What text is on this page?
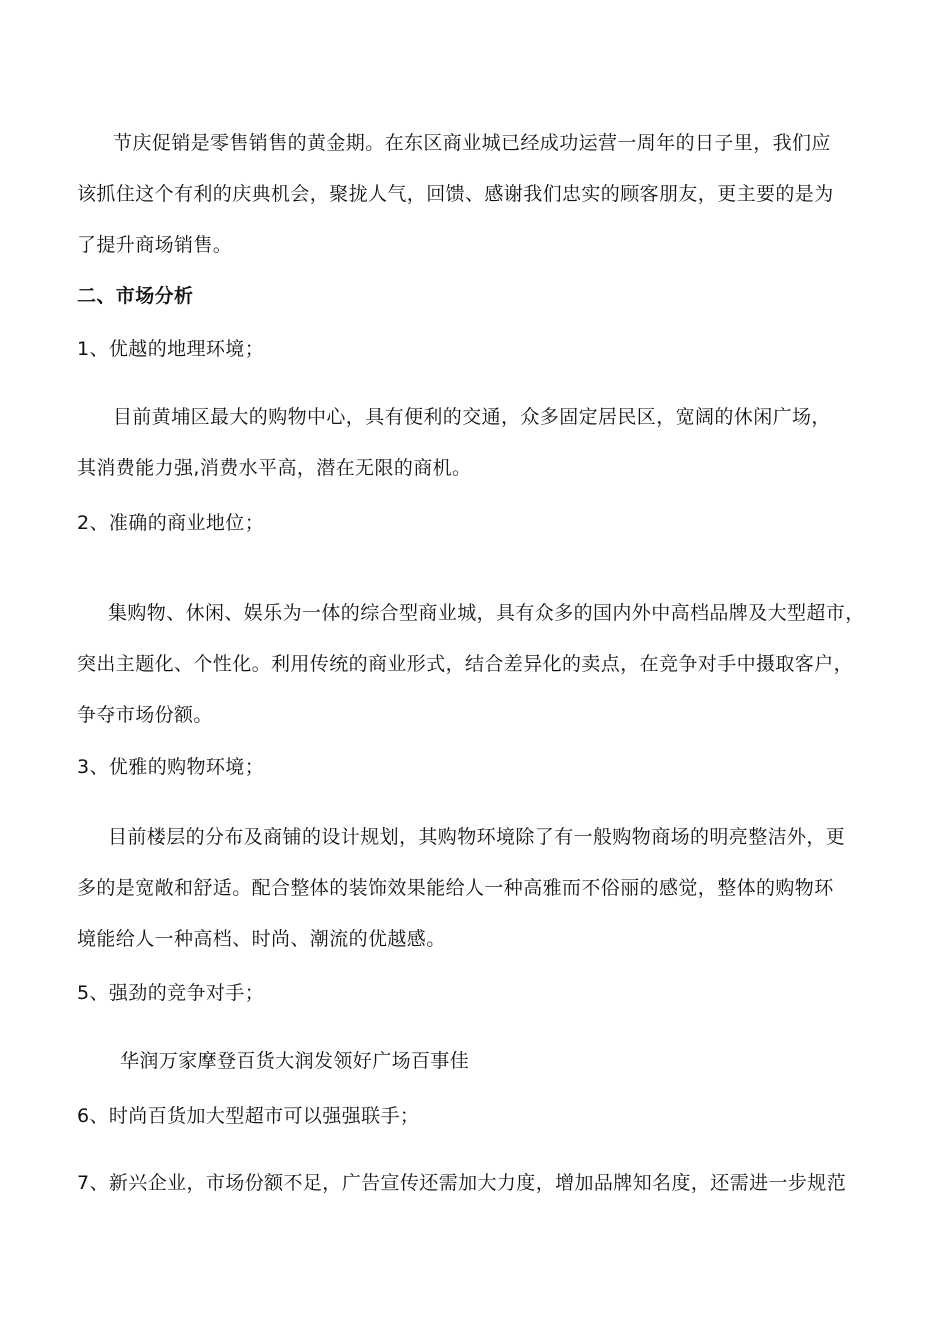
节庆促销是零售销售的黄金期。在东区商业城已经成功运营一周年的日子里，我们应
该抓住这个有利的庆典机会，聚拢人气，回馈、感谢我们忠实的顾客朋友，更主要的是为
了提升商场销售。
二、市场分析
1、优越的地理环境；
目前黄埔区最大的购物中心，具有便利的交通，众多固定居民区，宽阔的休闲广场，
其消费能力强,消费水平高，潜在无限的商机。
2、准确的商业地位；
集购物、休闲、娱乐为一体的综合型商业城，具有众多的国内外中高档品牌及大型超市，
突出主题化、个性化。利用传统的商业形式，结合差异化的卖点，在竞争对手中摄取客户，
争夺市场份额。
3、优雅的购物环境；
目前楼层的分布及商铺的设计规划，其购物环境除了有一般购物商场的明亮整洁外，更
多的是宽敞和舒适。配合整体的装饰效果能给人一种高雅而不俗丽的感觉，整体的购物环
境能给人一种高档、时尚、潮流的优越感。
5、强劲的竞争对手；
华润万家摩登百货大润发领好广场百事佳
6、时尚百货加大型超市可以强强联手；
7、新兴企业，市场份额不足，广告宣传还需加大力度，增加品牌知名度，还需进一步规范
